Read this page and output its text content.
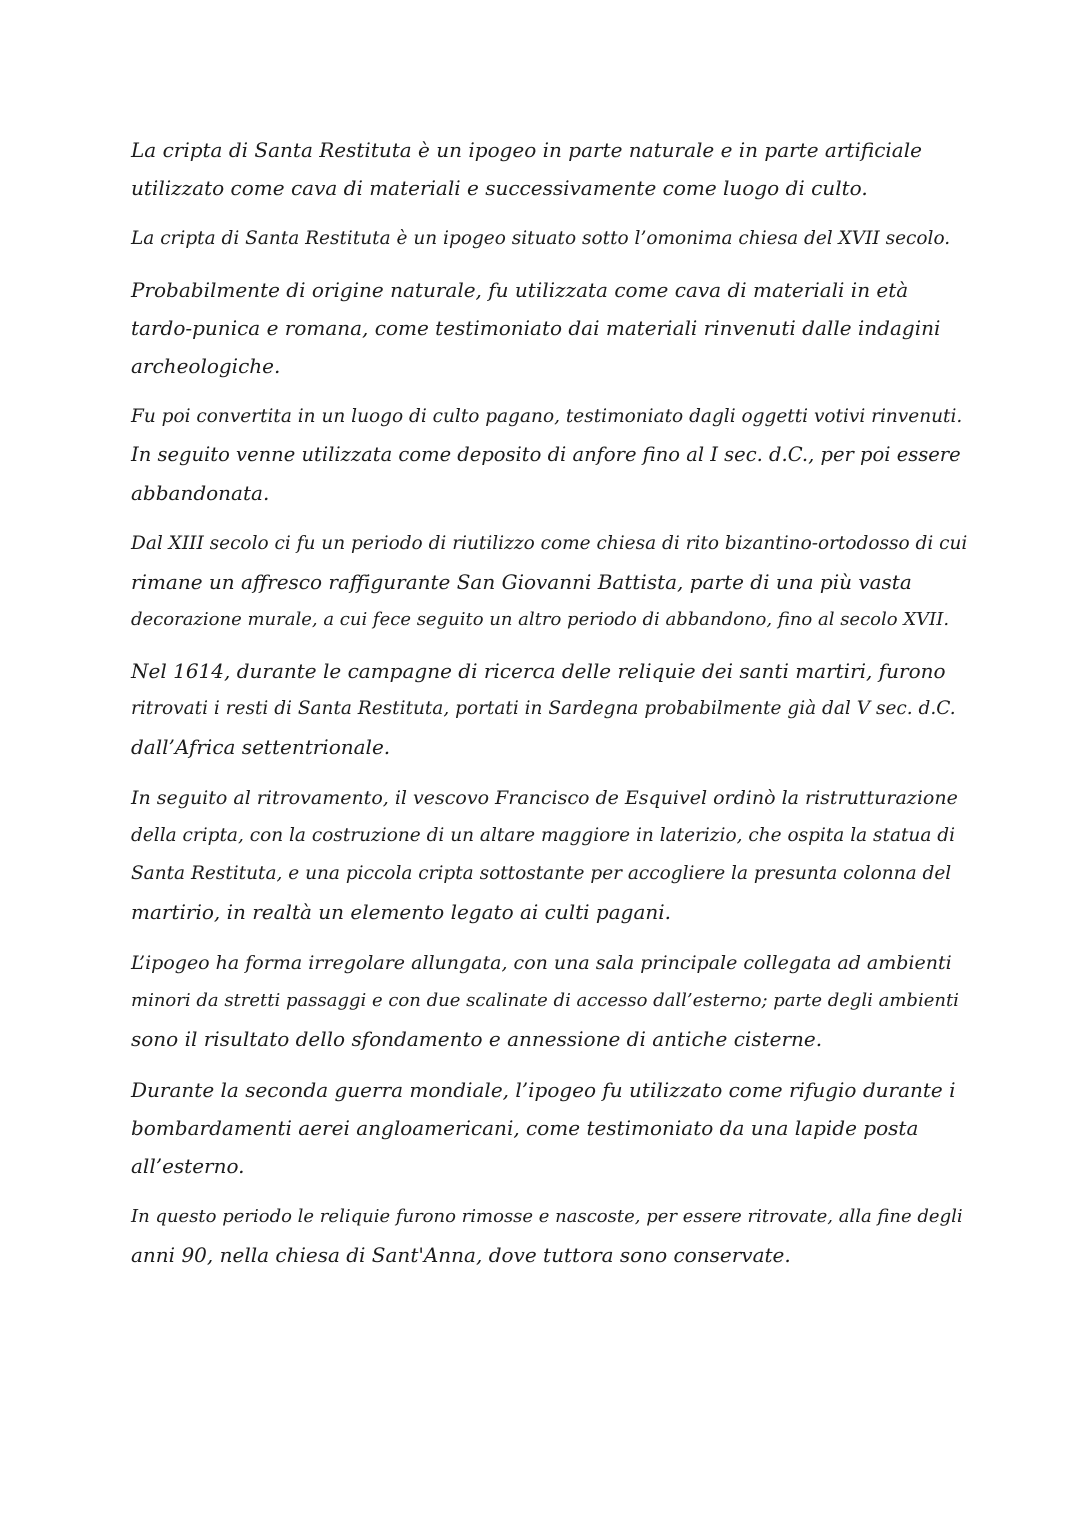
La cripta di Santa Restituta è un ipogeo in parte naturale e in parte artificiale
utilizzato come cava di materiali e successivamente come luogo di culto.

La cripta di Santa Restituta è un ipogeo situato sotto l’omonima chiesa del XVII secolo.

Probabilmente di origine naturale, fu utilizzata come cava di materiali in età
tardo-punica e romana, come testimoniato dai materiali rinvenuti dalle indagini
archeologiche.

Fu poi convertita in un luogo di culto pagano, testimoniato dagli oggetti votivi rinvenuti.
In seguito venne utilizzata come deposito di anfore fino al I sec. d.C., per poi essere
abbandonata.

Dal XIII secolo ci fu un periodo di riutilizzo come chiesa di rito bizantino-ortodosso di cui
rimane un affresco raffigurante San Giovanni Battista, parte di una più vasta
decorazione murale, a cui fece seguito un altro periodo di abbandono, fino al secolo XVII.

Nel 1614, durante le campagne di ricerca delle reliquie dei santi martiri, furono
ritrovati i resti di Santa Restituta, portati in Sardegna probabilmente già dal V sec. d.C.
dall’Africa settentrionale.

In seguito al ritrovamento, il vescovo Francisco de Esquivel ordinò la ristrutturazione
della cripta, con la costruzione di un altare maggiore in laterizio, che ospita la statua di
Santa Restituta, e una piccola cripta sottostante per accogliere la presunta colonna del
martirio, in realtà un elemento legato ai culti pagani.

L’ipogeo ha forma irregolare allungata, con una sala principale collegata ad ambienti
minori da stretti passaggi e con due scalinate di accesso dall’esterno; parte degli ambienti
sono il risultato dello sfondamento e annessione di antiche cisterne.

Durante la seconda guerra mondiale, l’ipogeo fu utilizzato come rifugio durante i
bombardamenti aerei angloamericani, come testimoniato da una lapide posta
all’esterno.

In questo periodo le reliquie furono rimosse e nascoste, per essere ritrovate, alla fine degli
anni 90, nella chiesa di Sant'Anna, dove tuttora sono conservate.
